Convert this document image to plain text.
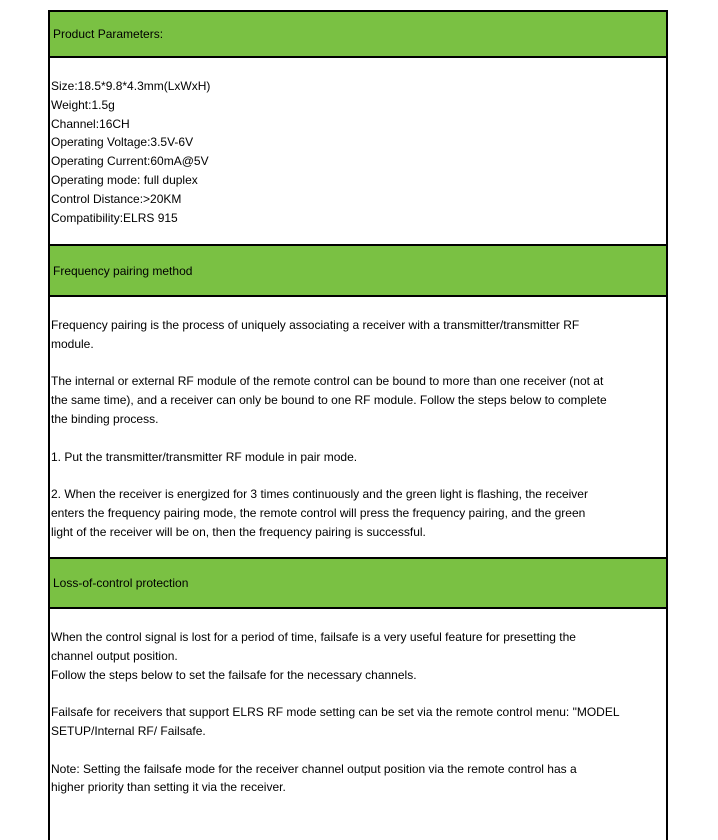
Product Parameters:

Size:18.5*9.8*4.3mm(LxWxH)

Weight:1.5g

Channel:16CH

Operating Voltage:3.5V-6V

Operating Current:60mA@5V

Operating mode: full duplex

Control Distance:>20KM

Compatibility:ELRS 915

Frequency pairing method

Frequency pairing is the process of uniquely associating a receiver with a transmitter/transmitter RF

module.

The internal or external RF module of the remote control can be bound to more than one receiver (not at

the same time), and a receiver can only be bound to one RF module. Follow the steps below to complete

the binding process.

1. Put the transmitter/transmitter RF module in pair mode.

2. When the receiver is energized for 3 times continuously and the green light is flashing, the receiver

enters the frequency pairing mode, the remote control will press the frequency pairing, and the green

light of the receiver will be on, then the frequency pairing is successful.

Loss-of-control protection

When the control signal is lost for a period of time, failsafe is a very useful feature for presetting the

channel output position.

Follow the steps below to set the failsafe for the necessary channels.

Failsafe for receivers that support ELRS RF mode setting can be set via the remote control menu: "MODEL

SETUP/Internal RF/ Failsafe.

Note: Setting the failsafe mode for the receiver channel output position via the remote control has a

higher priority than setting it via the receiver.
